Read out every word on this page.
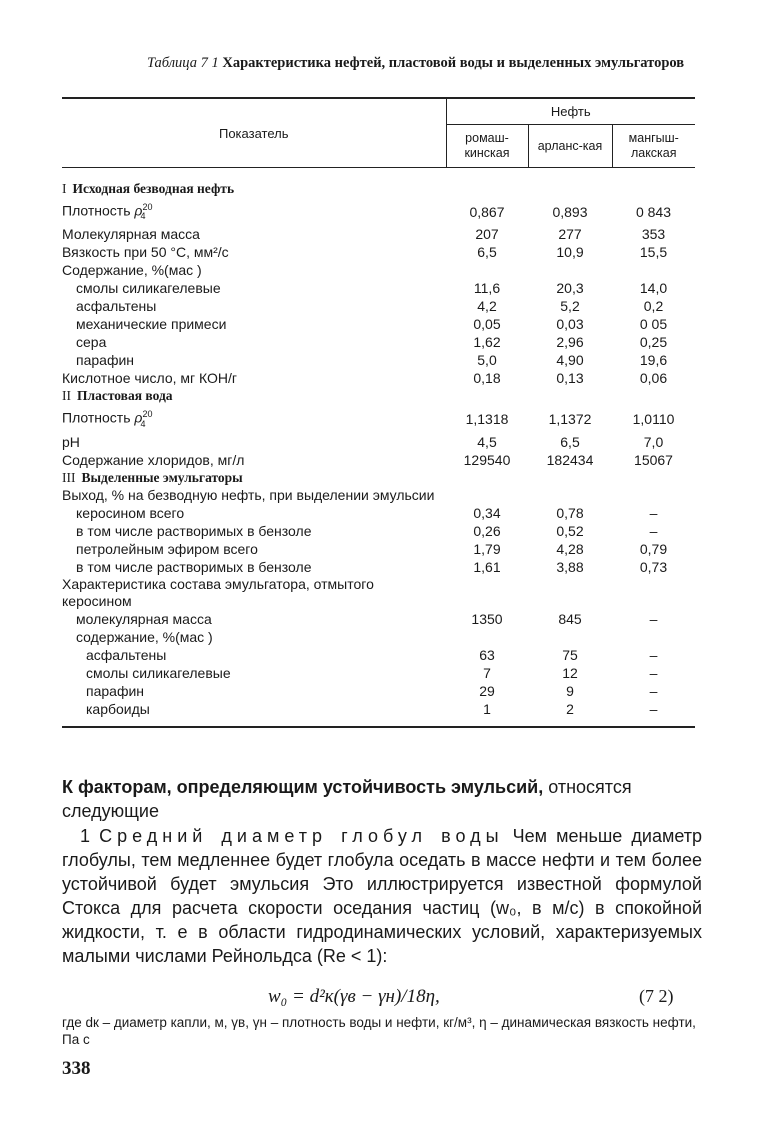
Таблица 7 1 Характеристика нефтей, пластовой воды и выделенных эмульгаторов
Показатель	Нефть		
	ромаш-кинская	арланс-кая	мангыш-лакская
I Исходная безводная нефть			
Плотность $\rho^{20}_4$	0,867	0,893	0 843
Молекулярная масса	207	277	353
Вязкость при 50 °С, мм²/с	6,5	10,9	15,5
Содержание, %(мас )			
смолы силикагелевые	11,6	20,3	14,0
асфальтены	4,2	5,2	0,2
механические примеси	0,05	0,03	0 05
сера	1,62	2,96	0,25
парафин	5,0	4,90	19,6
Кислотное число, мг КОН/г	0,18	0,13	0,06
II Пластовая вода			
Плотность $\rho^{20}_4$	1,1318	1,1372	1,0110
pH	4,5	6,5	7,0
Содержание хлоридов, мг/л	129540	182434	15067
III Выделенные эмульгаторы			
Выход, % на безводную нефть, при выделении эмульсии			
керосином всего	0,34	0,78	–
в том числе растворимых в бензоле	0,26	0,52	–
петролейным эфиром всего	1,79	4,28	0,79
в том числе растворимых в бензоле	1,61	3,88	0,73
Характеристика состава эмульгатора, отмытого керосином			
молекулярная масса	1350	845	–
содержание, %(мас )			
асфальтены	63	75	–
смолы силикагелевые	7	12	–
парафин	29	9	–
карбоиды	1	2	–
К факторам, определяющим устойчивость эмульсий, относятся следующие
1 Средний диаметр глобул воды Чем меньше диаметр глобулы, тем медленнее будет глобула оседать в массе нефти и тем более устойчивой будет эмульсия Это иллюстрируется известной формулой Стокса для расчета скорости оседания частиц (w₀, в м/с) в спокойной жидкости, т. е в области гидродинамических условий, характеризуемых малыми числами Рейнольдса (Re < 1):
w₀ = d²к(γв − γн)/18η,	(7 2)
где dк – диаметр капли, м, γв, γн – плотность воды и нефти, кг/м³, η – динамическая вязкость нефти, Па с
338
